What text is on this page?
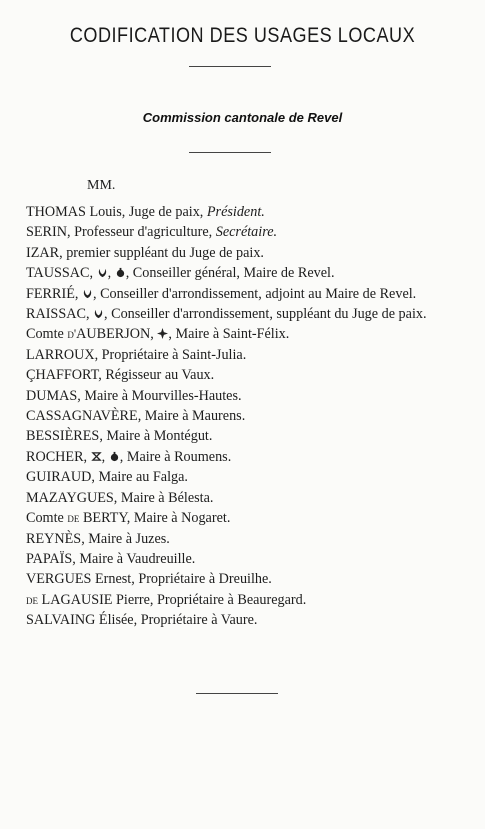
CODIFICATION DES USAGES LOCAUX
Commission cantonale de Revel
MM.
THOMAS Louis, Juge de paix, Président.
SERIN, Professeur d'agriculture, Secrétaire.
IZAR, premier suppléant du Juge de paix.
TAUSSAC,
,
, Conseiller général, Maire de Revel.
FERRIÉ,
, Conseiller d'arrondissement, adjoint au Maire de Revel.
RAISSAC,
, Conseiller d'arrondissement, suppléant du Juge de paix.
Comte d'AUBERJON,
, Maire à Saint-Félix.
LARROUX, Propriétaire à Saint-Julia.
ÇHAFFORT, Régisseur au Vaux.
DUMAS, Maire à Mourvilles-Hautes.
CASSAGNAVÈRE, Maire à Maurens.
BESSIÈRES, Maire à Montégut.
ROCHER,
,
, Maire à Roumens.
GUIRAUD, Maire au Falga.
MAZAYGUES, Maire à Bélesta.
Comte de BERTY, Maire à Nogaret.
REYNÈS, Maire à Juzes.
PAPAÏS, Maire à Vaudreuille.
VERGUES Ernest, Propriétaire à Dreuilhe.
de LAGAUSIE Pierre, Propriétaire à Beauregard.
SALVAING Élisée, Propriétaire à Vaure.
